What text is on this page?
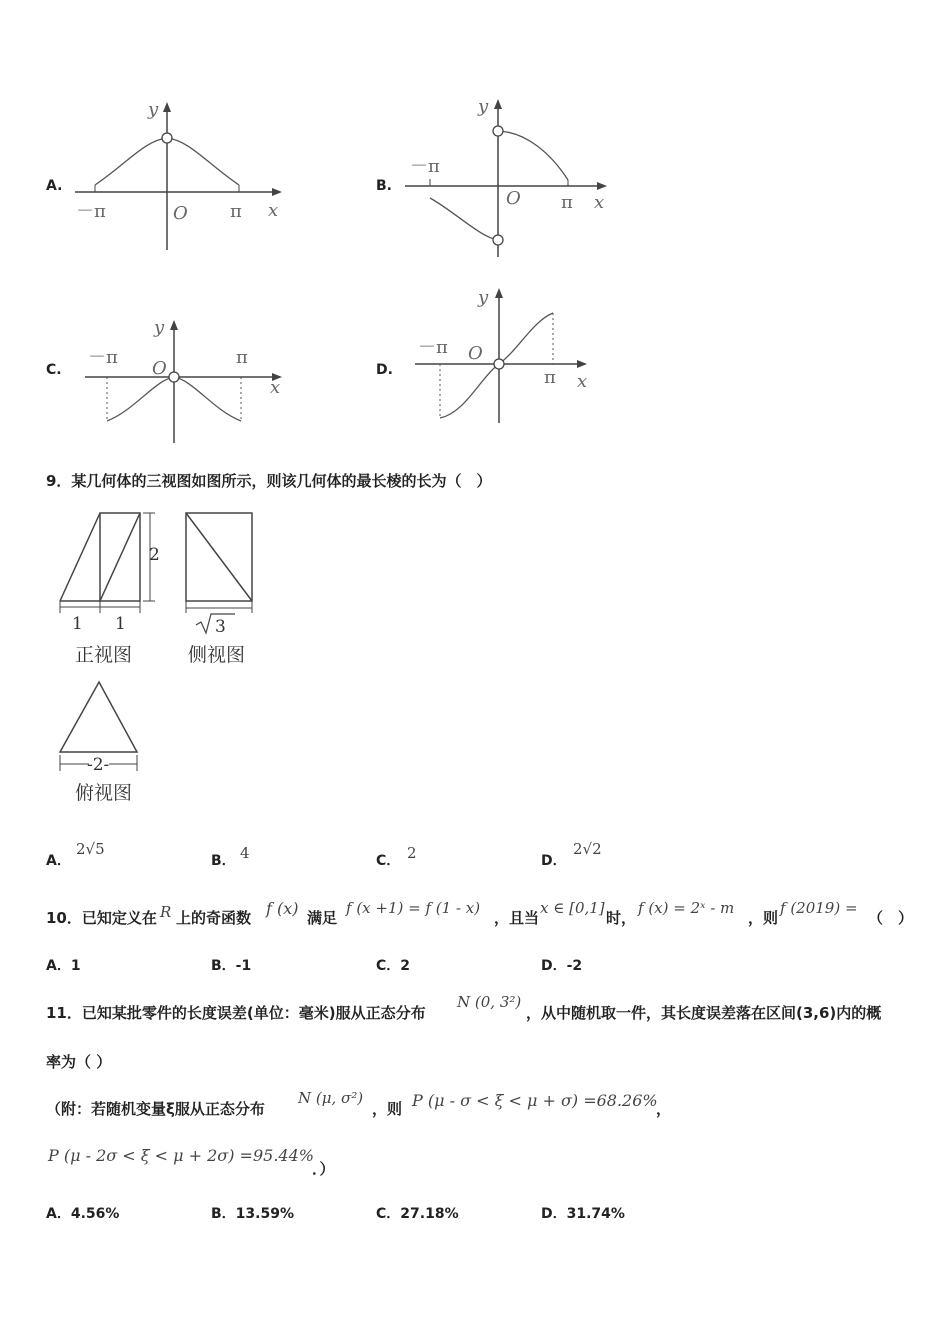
A.
y
x
O
－π	π
B.
y
x
O
－π
π
C.
y
x
O
－π	π
D.
y
x
O
－π
π
9．某几何体的三视图如图所示，则该几何体的最长棱的长为（　）
1 1
2
正视图
3
侧视图
-2-
俯视图
A．
2√5
B． 4	C． 2	D．
2√2
10．已知定义在 R 上的奇函数 f (x) 满足
f (x +1) = f (1 - x)
，且当
x ∈ [0,1]
时，
f (x) = 2ˣ - m
，则
f (2019) =
（　）
A．1	B．-1	C．2	D．-2
11．已知某批零件的长度误差(单位：毫米)服从正态分布
N (0, 3²)
，从中随机取一件，其长度误差落在区间(3,6)内的概
率为（ ）
（附：若随机变量ξ服从正态分布
N (μ, σ²)
，则 P (μ - σ < ξ < μ + σ) =68.26%
，
P (μ - 2σ < ξ < μ + 2σ) =95.44%
．）
A．4.56%	B．13.59%	C．27.18%	D．31.74%
